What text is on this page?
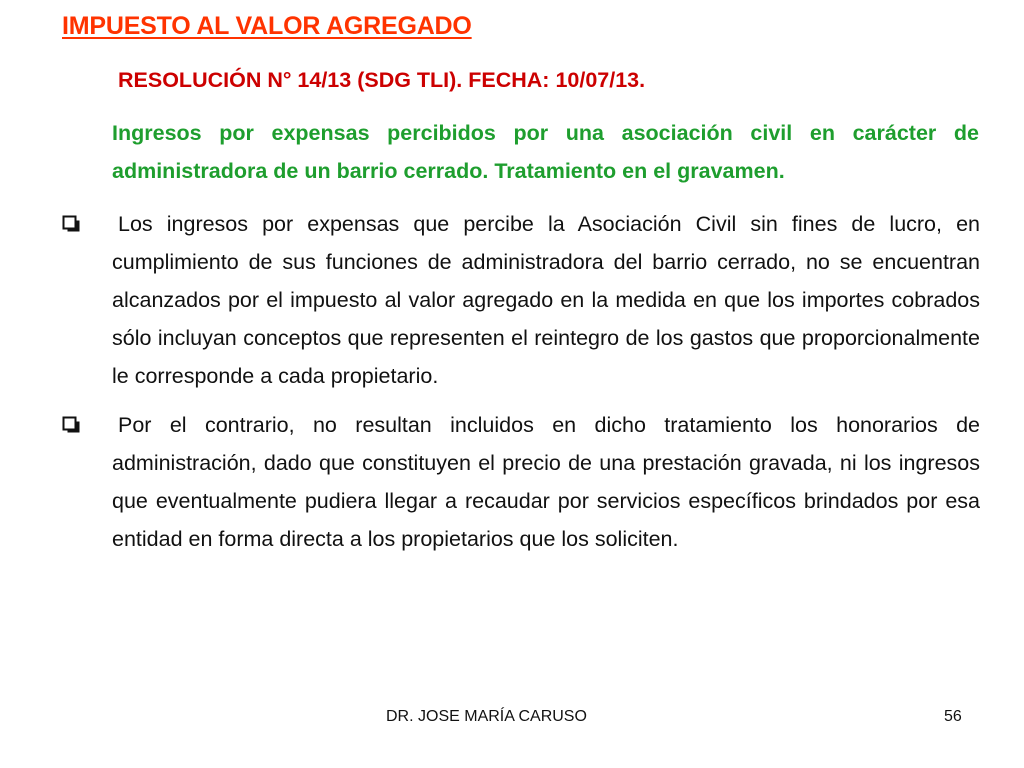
IMPUESTO AL VALOR AGREGADO
RESOLUCIÓN N° 14/13 (SDG TLI). FECHA: 10/07/13.
Ingresos por expensas percibidos por una asociación civil en carácter de administradora de un barrio cerrado. Tratamiento en el gravamen.
Los ingresos por expensas que percibe la Asociación Civil sin fines de lucro, en cumplimiento de sus funciones de administradora del barrio cerrado, no se encuentran alcanzados por el impuesto al valor agregado en la medida en que los importes cobrados sólo incluyan conceptos que representen el reintegro de los gastos que proporcionalmente le corresponde a cada propietario.
Por el contrario, no resultan incluidos en dicho tratamiento los honorarios de administración, dado que constituyen el precio de una prestación gravada, ni los ingresos que eventualmente pudiera llegar a recaudar por servicios específicos brindados por esa entidad en forma directa a los propietarios que los soliciten.
DR. JOSE MARÍA CARUSO	56
